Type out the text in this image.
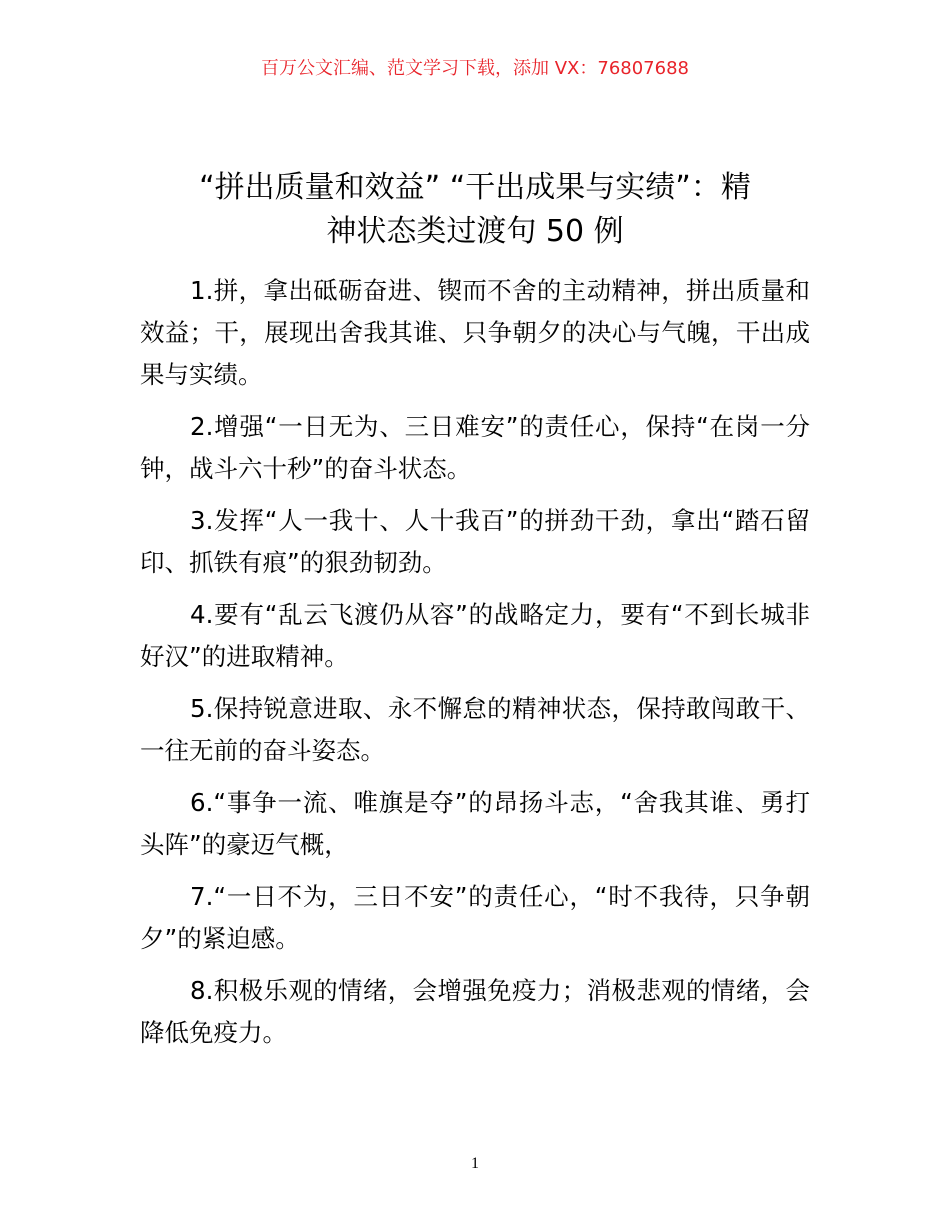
百万公文汇编、范文学习下载，添加 VX：76807688
“拼出质量和效益” “干出成果与实绩”：精
神状态类过渡句 50 例
1.拼，拿出砥砺奋进、锲而不舍的主动精神，拼出质量和
效益；干，展现出舍我其谁、只争朝夕的决心与气魄，干出成
果与实绩。
2.增强“一日无为、三日难安”的责任心，保持“在岗一分
钟，战斗六十秒”的奋斗状态。
3.发挥“人一我十、人十我百”的拼劲干劲，拿出“踏石留
印、抓铁有痕”的狠劲韧劲。
4.要有“乱云飞渡仍从容”的战略定力，要有“不到长城非
好汉”的进取精神。
5.保持锐意进取、永不懈怠的精神状态，保持敢闯敢干、
一往无前的奋斗姿态。
6.“事争一流、唯旗是夺”的昂扬斗志，“舍我其谁、勇打
头阵”的豪迈气概，
7.“一日不为，三日不安”的责任心，“时不我待，只争朝
夕”的紧迫感。
8.积极乐观的情绪，会增强免疫力；消极悲观的情绪，会
降低免疫力。
1
